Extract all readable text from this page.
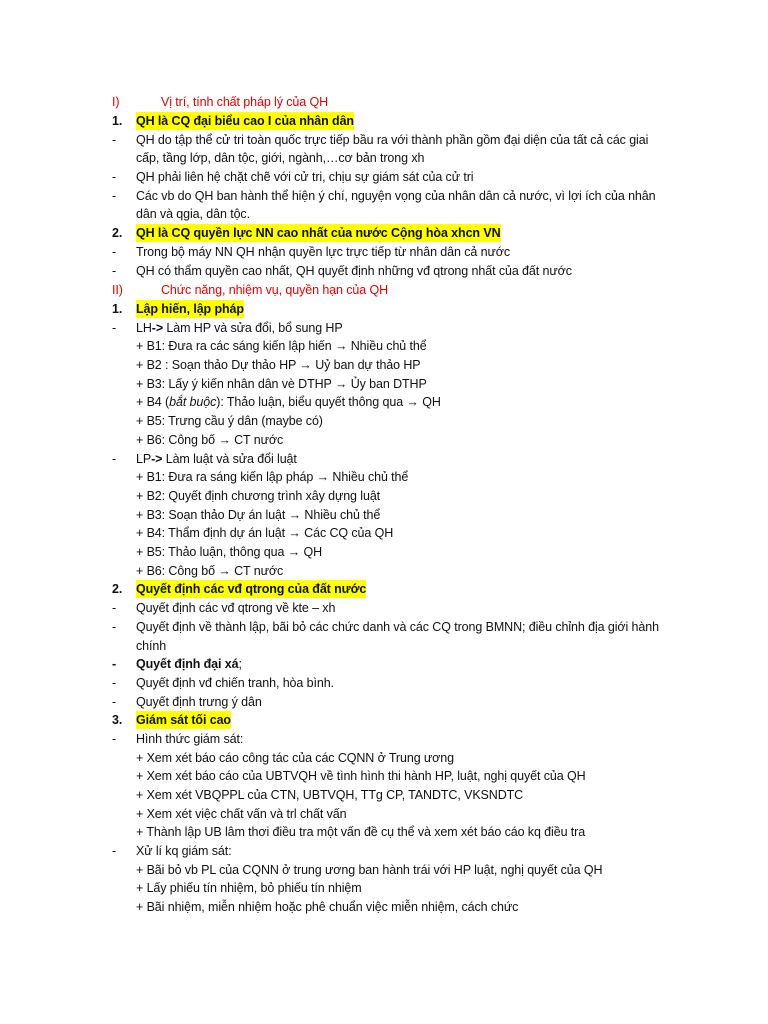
I)	Vị trí, tính chất pháp lý của QH
1. QH là CQ đại biểu cao I của nhân dân
- QH do tập thể cử tri toàn quốc trực tiếp bầu ra với thành phần gồm đại diện của tất cả các giai
cấp, tầng lớp, dân tộc, giới, ngành,…cơ bản trong xh
- QH phải liên hệ chặt chẽ với cử tri, chịu sự giám sát của cử tri
- Các vb do QH ban hành thể hiện ý chí, nguyện vọng của nhân dân cả nước, vì lợi ích của nhân
dân và qgia, dân tộc.
2. QH là CQ quyền lực NN cao nhất của nước Cộng hòa xhcn VN
- Trong bộ máy NN QH nhận quyền lực trực tiếp từ nhân dân cả nước
- QH có thẩm quyền cao nhất, QH quyết định những vđ qtrong nhất của đất nước
II)	Chức năng, nhiệm vụ, quyền hạn của QH
1. Lập hiến, lập pháp
- LH-> Làm HP và sửa đổi, bổ sung HP
+ B1: Đưa ra các sáng kiến lập hiến → Nhiều chủ thể
+ B2 : Soạn thảo Dự thảo HP → Uỷ ban dự thảo HP
+ B3: Lấy ý kiến nhân dân vè DTHP → Ủy ban DTHP
+ B4 (bắt buộc): Thảo luận, biểu quyết thông qua → QH
+ B5: Trưng cầu ý dân (maybe có)
+ B6: Công bố → CT nước
- LP-> Làm luật và sửa đổi luật
+ B1: Đưa ra sáng kiến lập pháp → Nhiều chủ thể
+ B2: Quyết định chương trình xây dựng luật
+ B3: Soạn thảo Dự án luật → Nhiều chủ thể
+ B4: Thẩm định dự án luật → Các CQ của QH
+ B5: Thảo luận, thông qua → QH
+ B6: Công bố → CT nước
2. Quyết định các vđ qtrong của đất nước
- Quyết định các vđ qtrong về kte – xh
- Quyết định về thành lập, bãi bỏ các chức danh và các CQ trong BMNN; điều chỉnh địa giới hành
chính
- Quyết định đại xá;
- Quyết định vđ chiến tranh, hòa bình.
- Quyết định trưng ý dân
3. Giám sát tối cao
- Hình thức giám sát:
+ Xem xét báo cáo công tác của các CQNN ở Trung ương
+ Xem xét báo cáo của UBTVQH về tình hình thi hành HP, luật, nghị quyết của QH
+ Xem xét VBQPPL của CTN, UBTVQH, TTg CP, TANDTC, VKSNDTC
+ Xem xét việc chất vấn và trl chất vấn
+ Thành lập UB lâm thơi điều tra một vấn đề cụ thể và xem xét báo cáo kq điều tra
- Xử lí kq giám sát:
+ Bãi bỏ vb PL của CQNN ở trung ương ban hành trái với HP luật, nghị quyết của QH
+ Lấy phiếu tín nhiệm, bỏ phiếu tín nhiệm
+ Bãi nhiệm, miễn nhiệm hoặc phê chuẩn việc miễn nhiệm, cách chức
